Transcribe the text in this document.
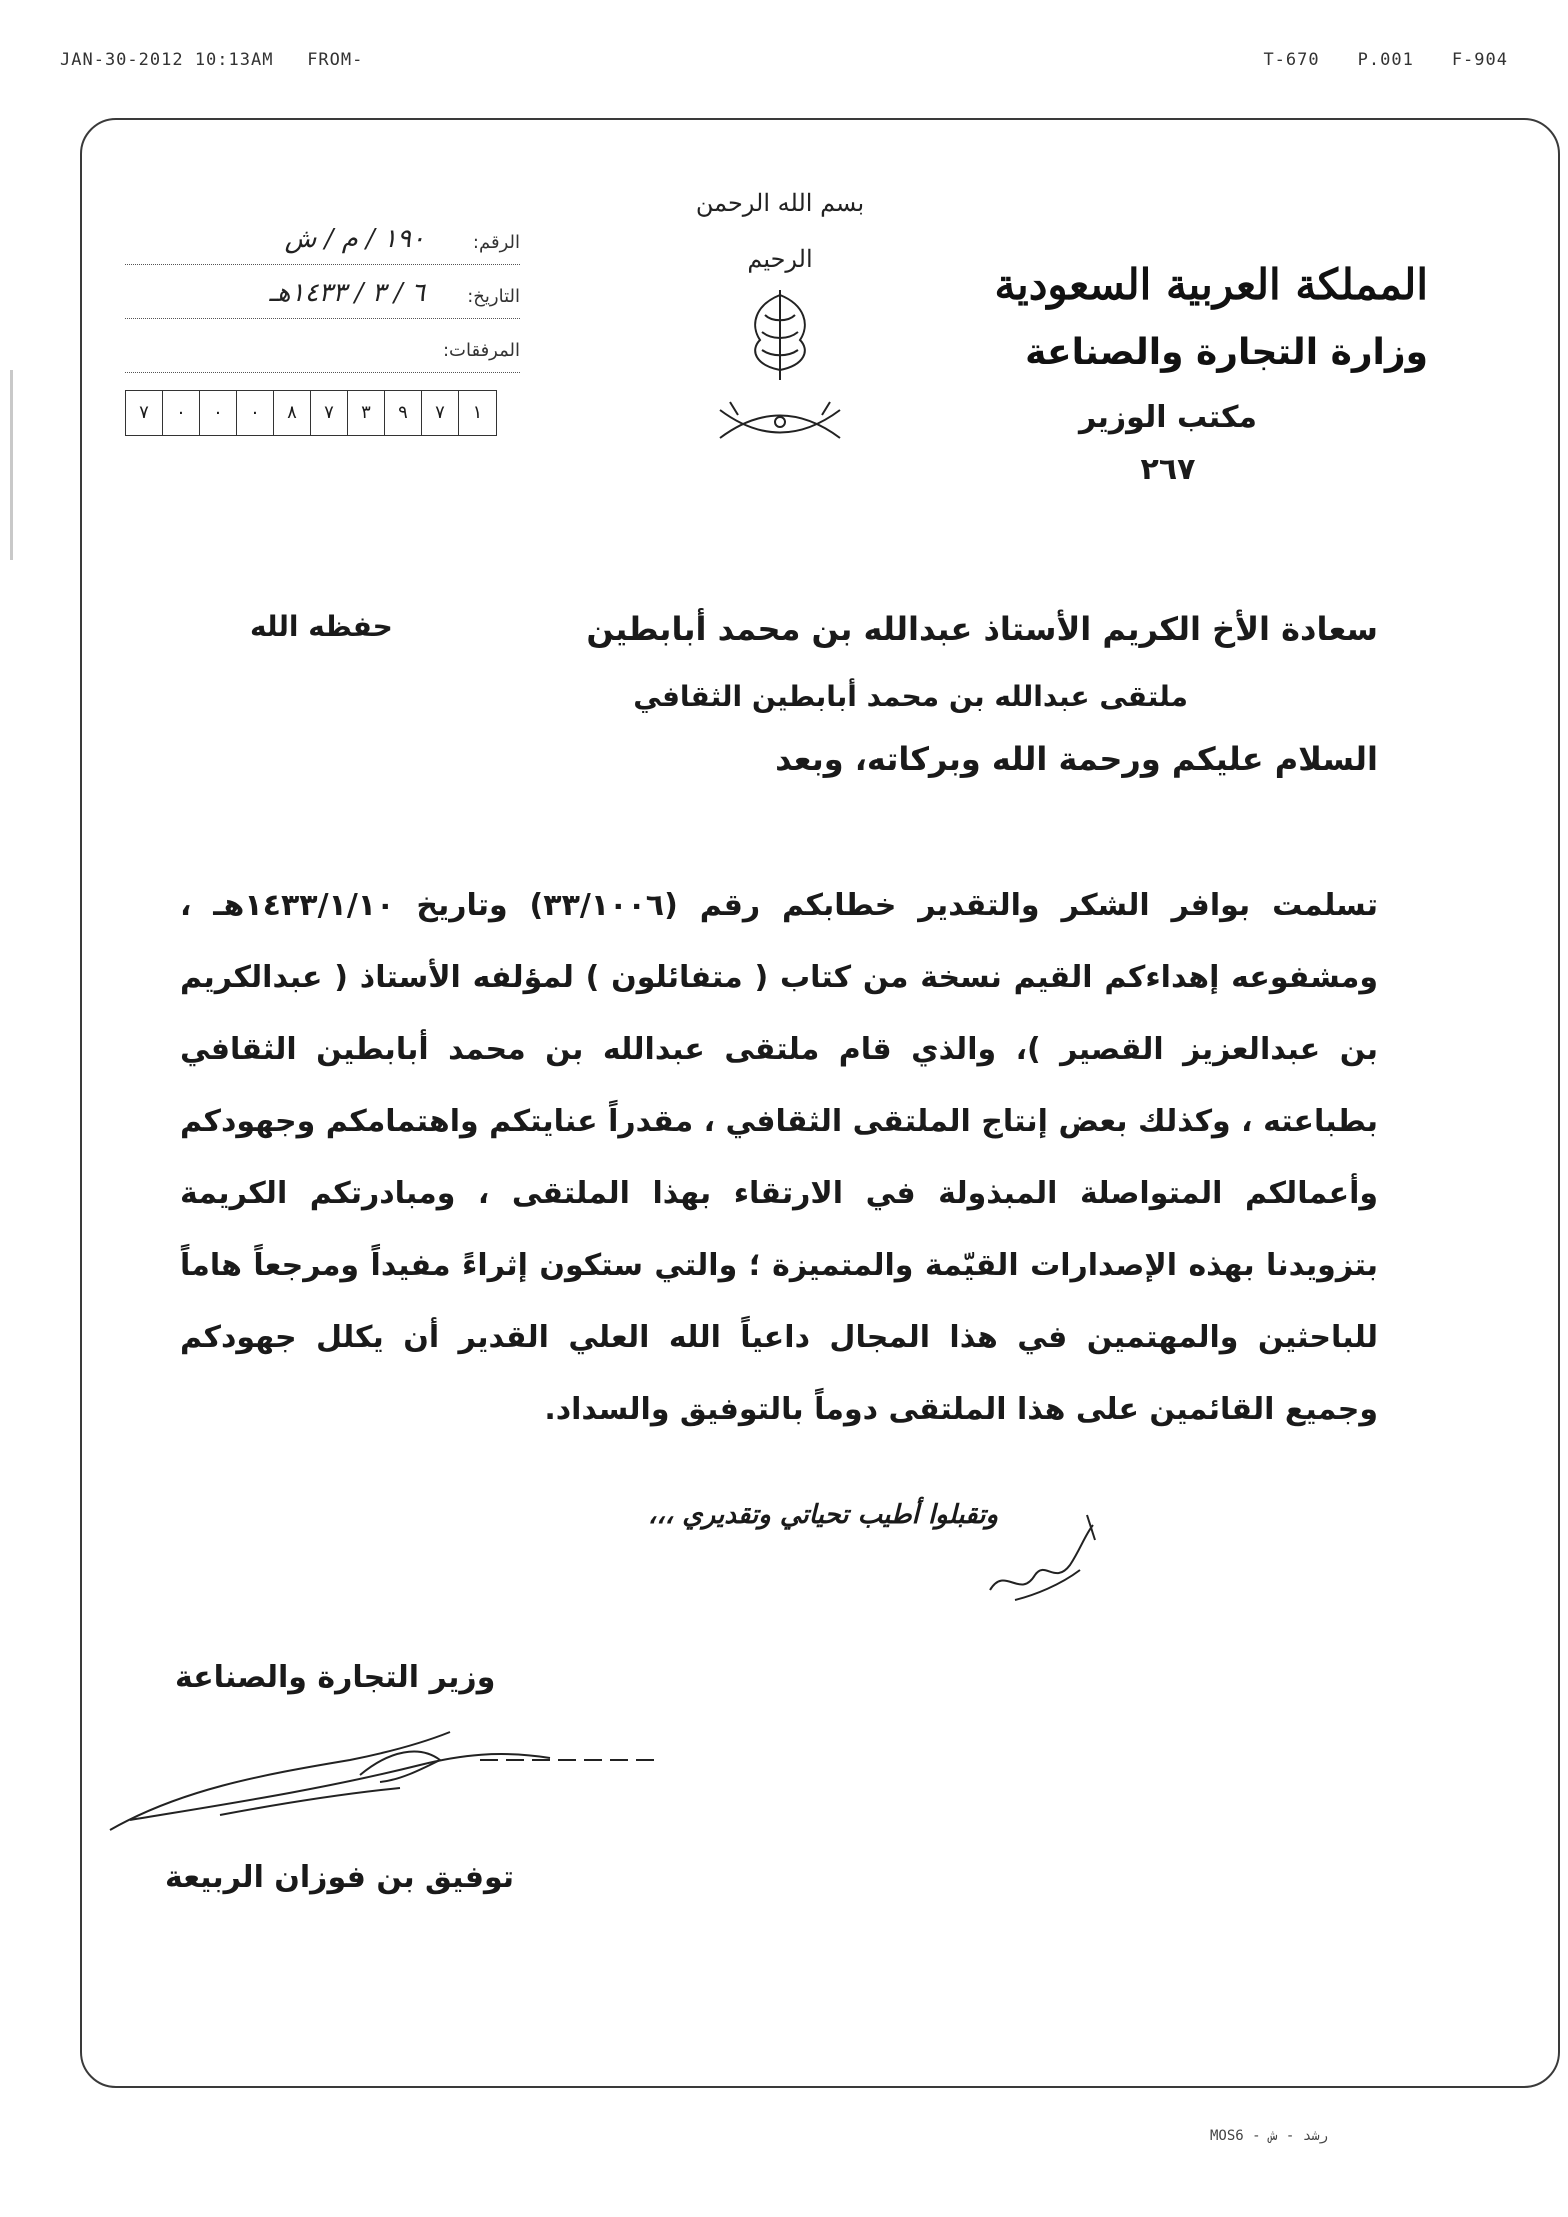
JAN-30-2012 10:13AM FROM-	T-670 P.001 F-904
بسم الله الرحمن الرحيم
المملكة العربية السعودية
وزارة التجارة والصناعة
مكتب الوزير
٢٦٧
الرقم:
١٩٠ / م / ش
التاريخ:
٦ / ٣ / ١٤٣٣هـ
المرفقات:
٧	٠	٠	٠	٨	٧	٣	٩	٧	١
سعادة الأخ الكريم الأستاذ عبدالله بن محمد أبابطين
حفظه الله
ملتقى عبدالله بن محمد أبابطين الثقافي
السلام عليكم ورحمة الله وبركاته، وبعد
تسلمت بوافر الشكر والتقدير خطابكم رقم (٣٣/١٠٠٦) وتاريخ ١٤٣٣/١/١٠هـ ، ومشفوعه إهداءكم القيم نسخة من كتاب ( متفائلون ) لمؤلفه الأستاذ ( عبدالكريم بن عبدالعزيز القصير )، والذي قام ملتقى عبدالله بن محمد أبابطين الثقافي بطباعته ، وكذلك بعض إنتاج الملتقى الثقافي ، مقدراً عنايتكم واهتمامكم وجهودكم وأعمالكم المتواصلة المبذولة في الارتقاء بهذا الملتقى ، ومبادرتكم الكريمة بتزويدنا بهذه الإصدارات القيّمة والمتميزة ؛ والتي ستكون إثراءً مفيداً ومرجعاً هاماً للباحثين والمهتمين في هذا المجال داعياً الله العلي القدير أن يكلل جهودكم وجميع القائمين على هذا الملتقى دوماً بالتوفيق والسداد.
وتقبلوا أطيب تحياتي وتقديري ،،،
وزير التجارة والصناعة
توفيق بن فوزان الربيعة
MOS6 - رشد - ش
